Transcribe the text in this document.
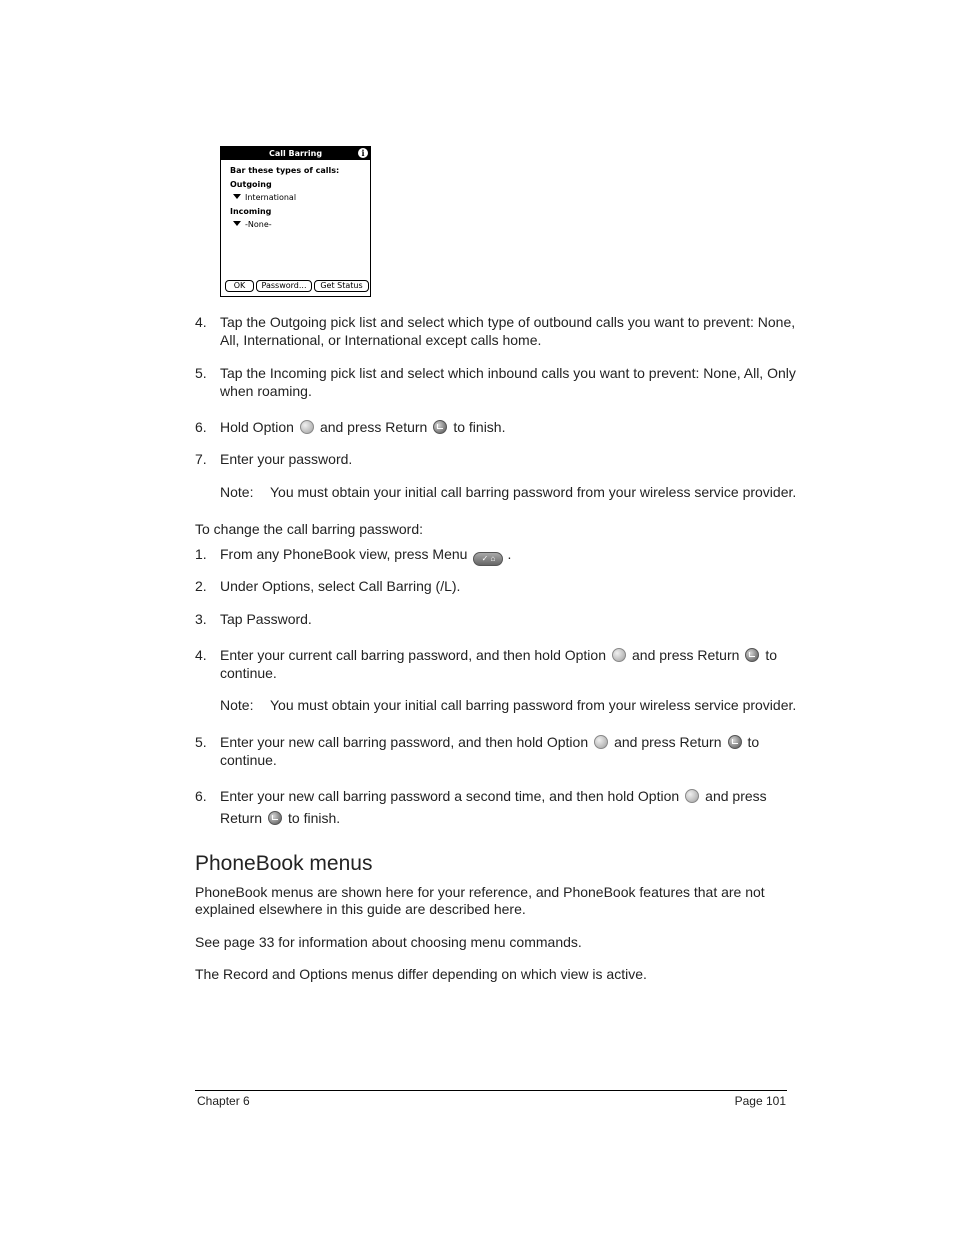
Call Barring	i
Bar these types of calls:
Outgoing
International
Incoming
-None-
OK	Password...	Get Status
4. Tap the Outgoing pick list and select which type of outbound calls you want to prevent: None,
All, International, or International except calls home.
5. Tap the Incoming pick list and select which inbound calls you want to prevent: None, All, Only
when roaming.
6. Hold Option and press Return to finish.
7. Enter your password.
Note: You must obtain your initial call barring password from your wireless service provider.
To change the call barring password:
1. From any PhoneBook view, press Menu ✓ ⌂ .
2. Under Options, select Call Barring (/L).
3. Tap Password.
4. Enter your current call barring password, and then hold Option and press Return to
continue.
Note: You must obtain your initial call barring password from your wireless service provider.
5. Enter your new call barring password, and then hold Option and press Return to
continue.
6. Enter your new call barring password a second time, and then hold Option and press
Return to finish.
PhoneBook menus
PhoneBook menus are shown here for your reference, and PhoneBook features that are not
explained elsewhere in this guide are described here.
See page 33 for information about choosing menu commands.
The Record and Options menus differ depending on which view is active.
Chapter 6	Page 101
